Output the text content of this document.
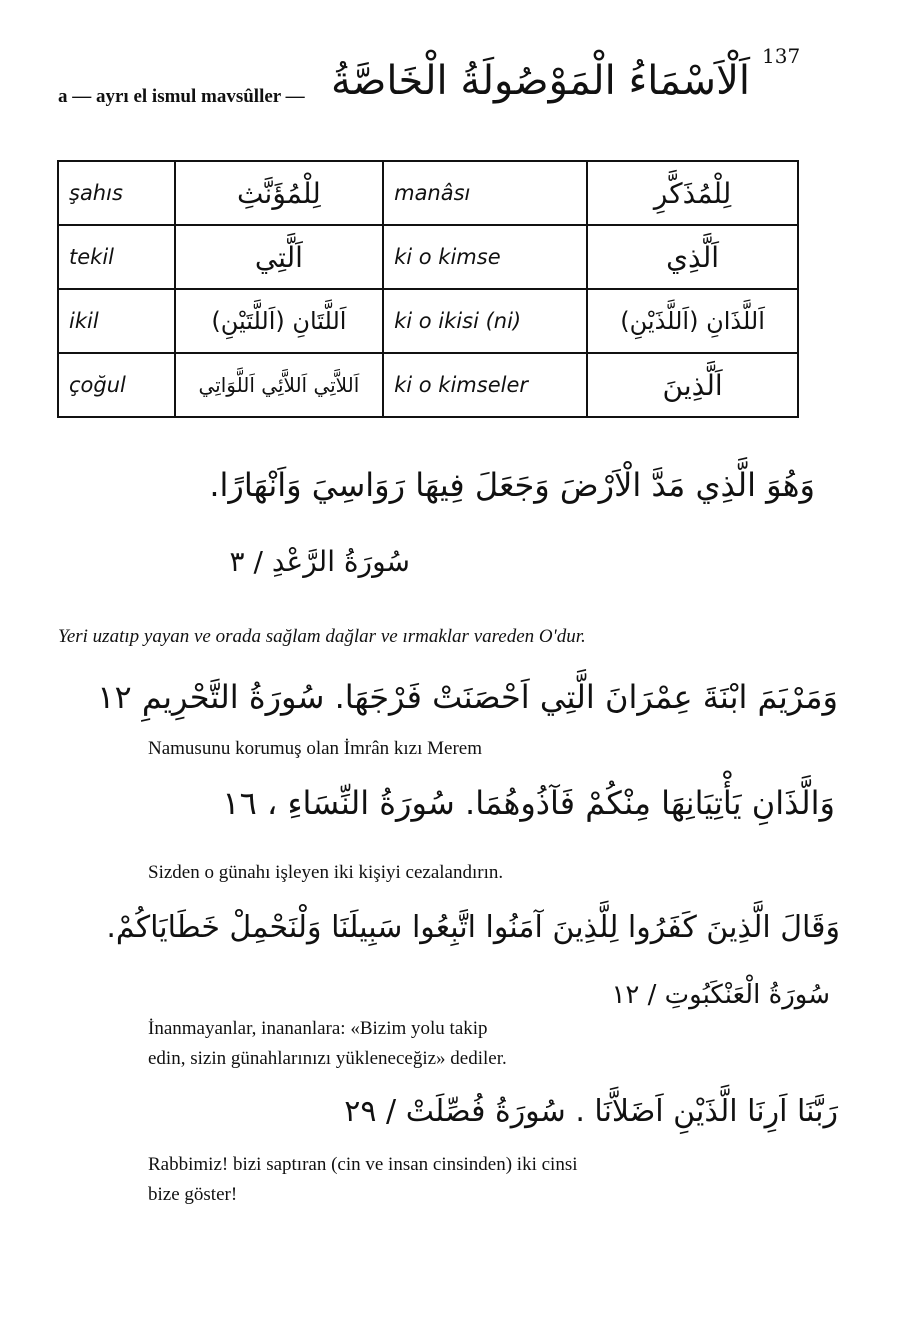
137
a — ayrı el ismul mavsûller — اَلْاَسْمَاءُ الْمَوْصُولَةُ الْخَاصَّةُ
şahıs	لِلْمُؤَنَّثِ	manâsı	لِلْمُذَكَّرِ
tekil	اَلَّتِي	ki o kimse	اَلَّذِي
ikil	اَللَّتَانِ (اَللَّتَيْنِ)	ki o ikisi (ni)	اَللَّذَانِ (اَللَّذَيْنِ)
çoğul	اَللاَّتِي اَللاَّئِي اَللَّوَاتِي	ki o kimseler	اَلَّذِينَ
وَهُوَ الَّذِي مَدَّ الْاَرْضَ وَجَعَلَ فِيهَا رَوَاسِيَ وَاَنْهَارًا.
سُورَةُ الرَّعْدِ / ٣
Yeri uzatıp yayan ve orada sağlam dağlar ve ırmaklar vareden O'dur.
وَمَرْيَمَ ابْنَةَ عِمْرَانَ الَّتِي اَحْصَنَتْ فَرْجَهَا. سُورَةُ التَّحْرِيمِ ١٢
Namusunu korumuş olan İmrân kızı Merem
وَالَّذَانِ يَأْتِيَانِهَا مِنْكُمْ فَآذُوهُمَا. سُورَةُ النِّسَاءِ ، ١٦
Sizden o günahı işleyen iki kişiyi cezalandırın.
وَقَالَ الَّذِينَ كَفَرُوا لِلَّذِينَ آمَنُوا اتَّبِعُوا سَبِيلَنَا وَلْنَحْمِلْ خَطَايَاكُمْ.
سُورَةُ الْعَنْكَبُوتِ / ١٢
İnanmayanlar, inananlara: «Bizim yolu takip
edin, sizin günahlarınızı yükleneceğiz» dediler.
رَبَّنَا اَرِنَا الَّذَيْنِ اَضَلاَّنَا . سُورَةُ فُصِّلَتْ / ٢٩
Rabbimiz! bizi saptıran (cin ve insan cinsinden) iki cinsi
bize göster!
